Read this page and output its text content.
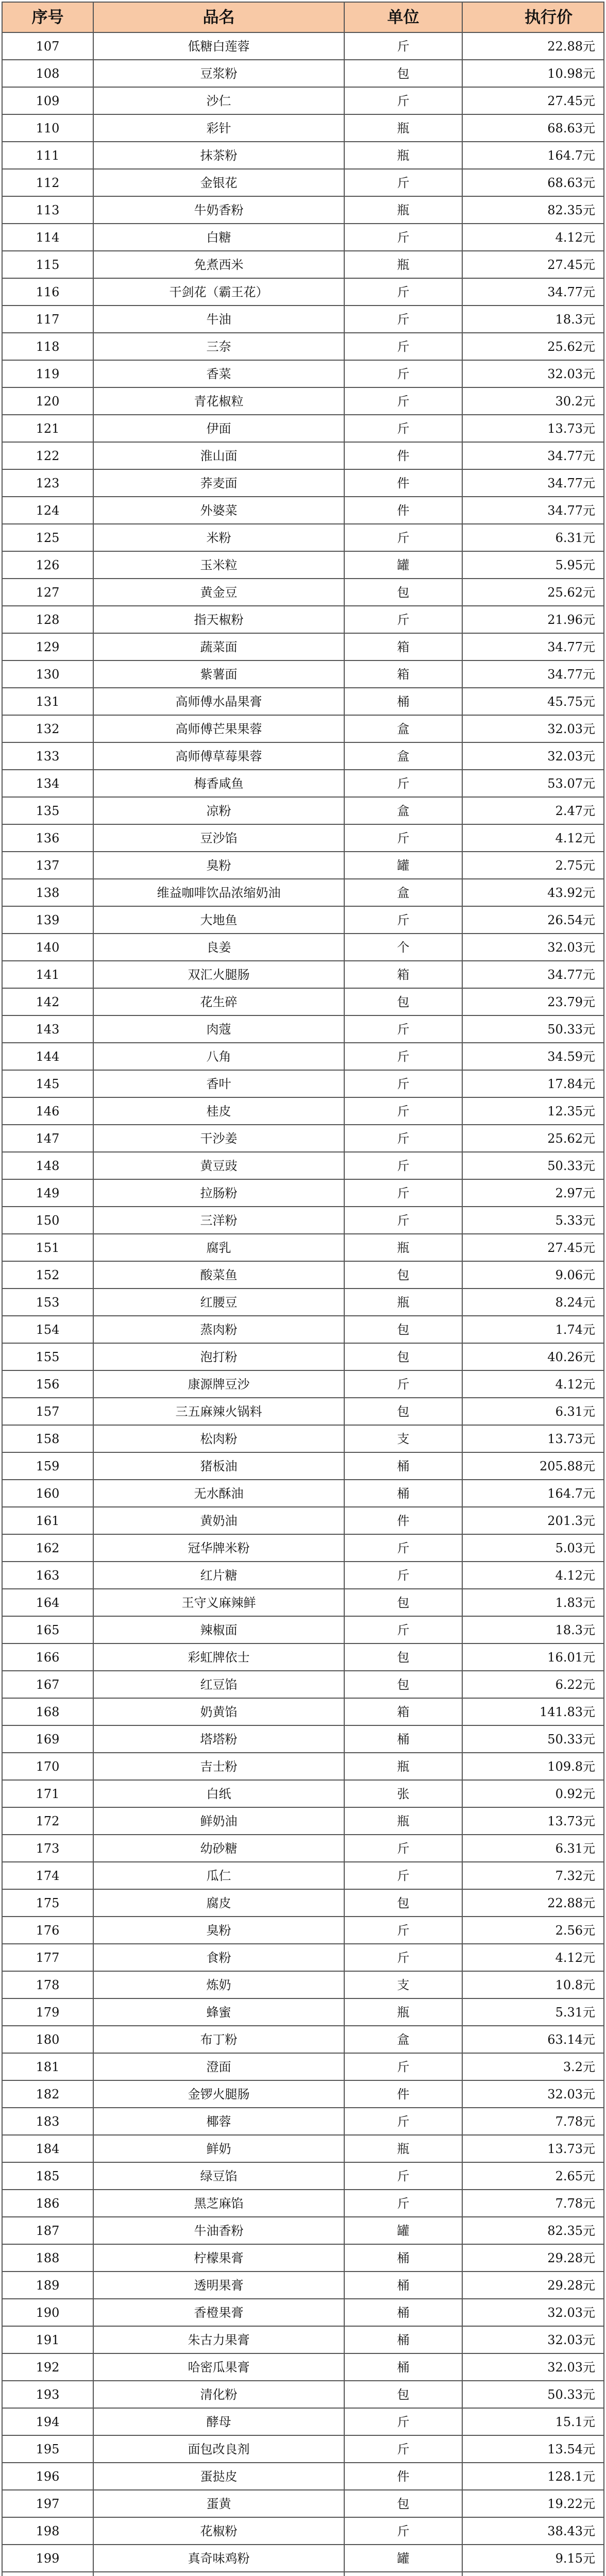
序号	品名	单位	执行价
107	低糖白莲蓉	斤	22.88元
108	豆浆粉	包	10.98元
109	沙仁	斤	27.45元
110	彩针	瓶	68.63元
111	抹茶粉	瓶	164.7元
112	金银花	斤	68.63元
113	牛奶香粉	瓶	82.35元
114	白糖	斤	4.12元
115	免煮西米	瓶	27.45元
116	干剑花（霸王花）	斤	34.77元
117	牛油	斤	18.3元
118	三奈	斤	25.62元
119	香菜	斤	32.03元
120	青花椒粒	斤	30.2元
121	伊面	斤	13.73元
122	淮山面	件	34.77元
123	荞麦面	件	34.77元
124	外婆菜	件	34.77元
125	米粉	斤	6.31元
126	玉米粒	罐	5.95元
127	黄金豆	包	25.62元
128	指天椒粉	斤	21.96元
129	蔬菜面	箱	34.77元
130	紫薯面	箱	34.77元
131	高师傅水晶果膏	桶	45.75元
132	高师傅芒果果蓉	盒	32.03元
133	高师傅草莓果蓉	盒	32.03元
134	梅香咸鱼	斤	53.07元
135	凉粉	盒	2.47元
136	豆沙馅	斤	4.12元
137	臭粉	罐	2.75元
138	维益咖啡饮品浓缩奶油	盒	43.92元
139	大地鱼	斤	26.54元
140	良姜	个	32.03元
141	双汇火腿肠	箱	34.77元
142	花生碎	包	23.79元
143	肉蔻	斤	50.33元
144	八角	斤	34.59元
145	香叶	斤	17.84元
146	桂皮	斤	12.35元
147	干沙姜	斤	25.62元
148	黄豆豉	斤	50.33元
149	拉肠粉	斤	2.97元
150	三洋粉	斤	5.33元
151	腐乳	瓶	27.45元
152	酸菜鱼	包	9.06元
153	红腰豆	瓶	8.24元
154	蒸肉粉	包	1.74元
155	泡打粉	包	40.26元
156	康源牌豆沙	斤	4.12元
157	三五麻辣火锅料	包	6.31元
158	松肉粉	支	13.73元
159	猪板油	桶	205.88元
160	无水酥油	桶	164.7元
161	黄奶油	件	201.3元
162	冠华牌米粉	斤	5.03元
163	红片糖	斤	4.12元
164	王守义麻辣鲜	包	1.83元
165	辣椒面	斤	18.3元
166	彩虹牌依士	包	16.01元
167	红豆馅	包	6.22元
168	奶黄馅	箱	141.83元
169	塔塔粉	桶	50.33元
170	吉士粉	瓶	109.8元
171	白纸	张	0.92元
172	鲜奶油	瓶	13.73元
173	幼砂糖	斤	6.31元
174	瓜仁	斤	7.32元
175	腐皮	包	22.88元
176	臭粉	斤	2.56元
177	食粉	斤	4.12元
178	炼奶	支	10.8元
179	蜂蜜	瓶	5.31元
180	布丁粉	盒	63.14元
181	澄面	斤	3.2元
182	金锣火腿肠	件	32.03元
183	椰蓉	斤	7.78元
184	鲜奶	瓶	13.73元
185	绿豆馅	斤	2.65元
186	黑芝麻馅	斤	7.78元
187	牛油香粉	罐	82.35元
188	柠檬果膏	桶	29.28元
189	透明果膏	桶	29.28元
190	香橙果膏	桶	32.03元
191	朱古力果膏	桶	32.03元
192	哈密瓜果膏	桶	32.03元
193	清化粉	包	50.33元
194	酵母	斤	15.1元
195	面包改良剂	斤	13.54元
196	蛋挞皮	件	128.1元
197	蛋黄	包	19.22元
198	花椒粉	斤	38.43元
199	真奇味鸡粉	罐	9.15元
